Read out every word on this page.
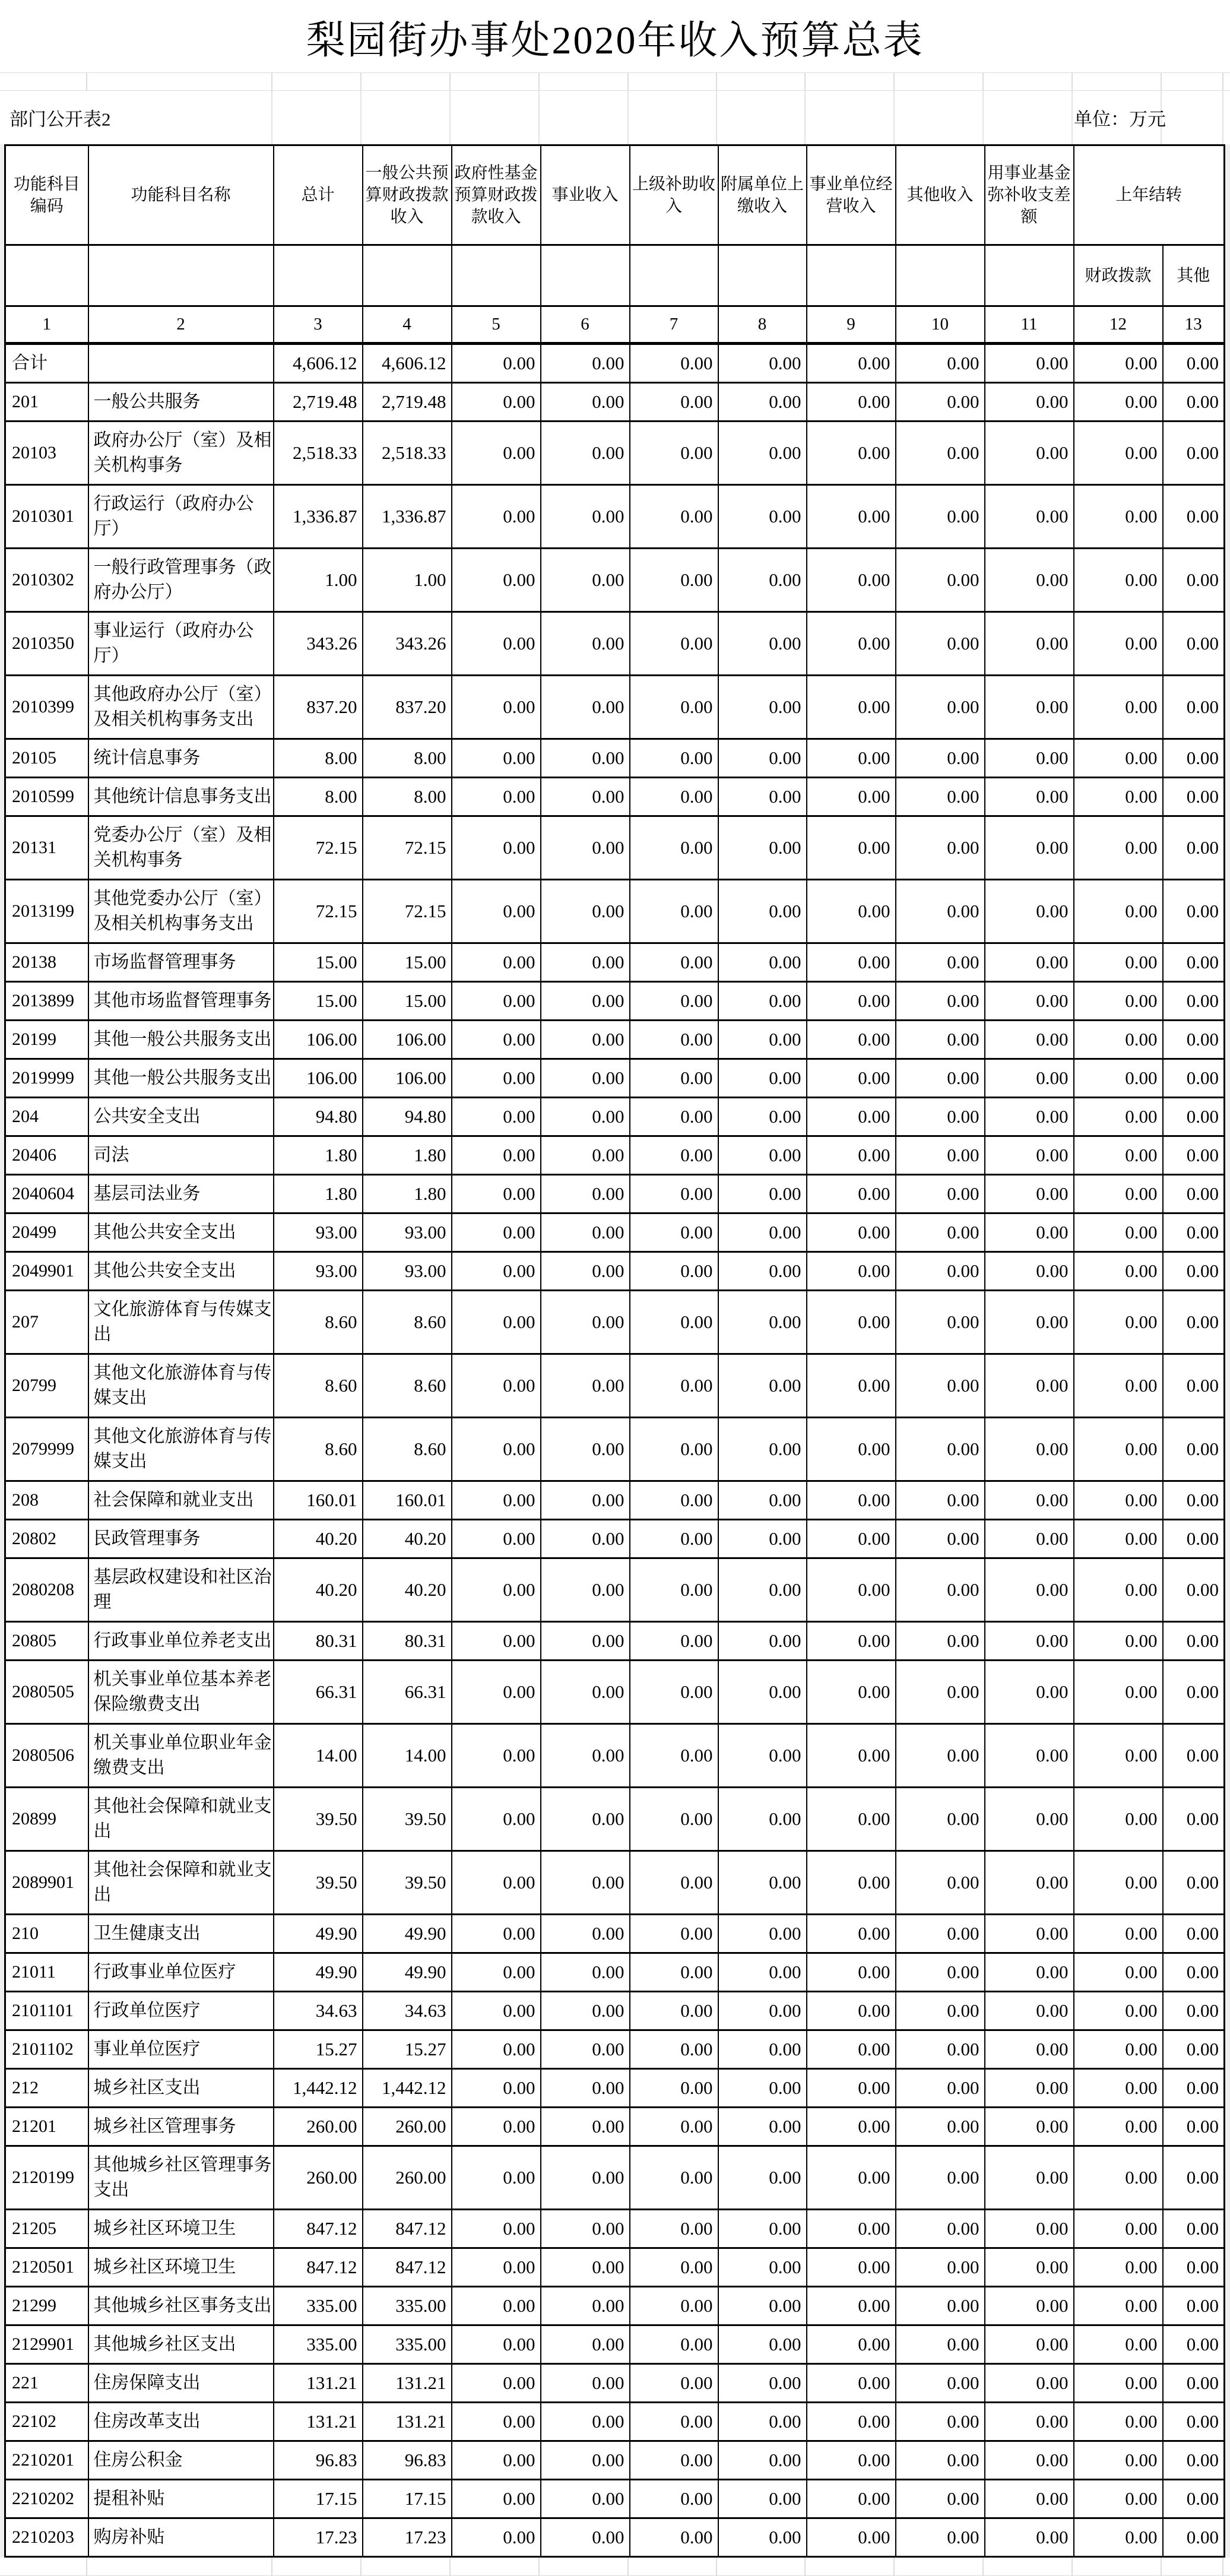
梨园街办事处2020年收入预算总表
部门公开表2	单位：万元
功能科目编码	功能科目名称	总计	一般公共预算财政拨款收入	政府性基金预算财政拨款收入	事业收入	上级补助收入	附属单位上缴收入	事业单位经营收入	其他收入	用事业基金弥补收支差额	上年结转	
											财政拨款	其他
1	2	3	4	5	6	7	8	9	10	11	12	13
合计		4,606.12	4,606.12	0.00	0.00	0.00	0.00	0.00	0.00	0.00	0.00	0.00
201	一般公共服务	2,719.48	2,719.48	0.00	0.00	0.00	0.00	0.00	0.00	0.00	0.00	0.00
20103	政府办公厅（室）及相关机构事务	2,518.33	2,518.33	0.00	0.00	0.00	0.00	0.00	0.00	0.00	0.00	0.00
2010301	行政运行（政府办公厅）	1,336.87	1,336.87	0.00	0.00	0.00	0.00	0.00	0.00	0.00	0.00	0.00
2010302	一般行政管理事务（政府办公厅）	1.00	1.00	0.00	0.00	0.00	0.00	0.00	0.00	0.00	0.00	0.00
2010350	事业运行（政府办公厅）	343.26	343.26	0.00	0.00	0.00	0.00	0.00	0.00	0.00	0.00	0.00
2010399	其他政府办公厅（室）及相关机构事务支出	837.20	837.20	0.00	0.00	0.00	0.00	0.00	0.00	0.00	0.00	0.00
20105	统计信息事务	8.00	8.00	0.00	0.00	0.00	0.00	0.00	0.00	0.00	0.00	0.00
2010599	其他统计信息事务支出	8.00	8.00	0.00	0.00	0.00	0.00	0.00	0.00	0.00	0.00	0.00
20131	党委办公厅（室）及相关机构事务	72.15	72.15	0.00	0.00	0.00	0.00	0.00	0.00	0.00	0.00	0.00
2013199	其他党委办公厅（室）及相关机构事务支出	72.15	72.15	0.00	0.00	0.00	0.00	0.00	0.00	0.00	0.00	0.00
20138	市场监督管理事务	15.00	15.00	0.00	0.00	0.00	0.00	0.00	0.00	0.00	0.00	0.00
2013899	其他市场监督管理事务	15.00	15.00	0.00	0.00	0.00	0.00	0.00	0.00	0.00	0.00	0.00
20199	其他一般公共服务支出	106.00	106.00	0.00	0.00	0.00	0.00	0.00	0.00	0.00	0.00	0.00
2019999	其他一般公共服务支出	106.00	106.00	0.00	0.00	0.00	0.00	0.00	0.00	0.00	0.00	0.00
204	公共安全支出	94.80	94.80	0.00	0.00	0.00	0.00	0.00	0.00	0.00	0.00	0.00
20406	司法	1.80	1.80	0.00	0.00	0.00	0.00	0.00	0.00	0.00	0.00	0.00
2040604	基层司法业务	1.80	1.80	0.00	0.00	0.00	0.00	0.00	0.00	0.00	0.00	0.00
20499	其他公共安全支出	93.00	93.00	0.00	0.00	0.00	0.00	0.00	0.00	0.00	0.00	0.00
2049901	其他公共安全支出	93.00	93.00	0.00	0.00	0.00	0.00	0.00	0.00	0.00	0.00	0.00
207	文化旅游体育与传媒支出	8.60	8.60	0.00	0.00	0.00	0.00	0.00	0.00	0.00	0.00	0.00
20799	其他文化旅游体育与传媒支出	8.60	8.60	0.00	0.00	0.00	0.00	0.00	0.00	0.00	0.00	0.00
2079999	其他文化旅游体育与传媒支出	8.60	8.60	0.00	0.00	0.00	0.00	0.00	0.00	0.00	0.00	0.00
208	社会保障和就业支出	160.01	160.01	0.00	0.00	0.00	0.00	0.00	0.00	0.00	0.00	0.00
20802	民政管理事务	40.20	40.20	0.00	0.00	0.00	0.00	0.00	0.00	0.00	0.00	0.00
2080208	基层政权建设和社区治理	40.20	40.20	0.00	0.00	0.00	0.00	0.00	0.00	0.00	0.00	0.00
20805	行政事业单位养老支出	80.31	80.31	0.00	0.00	0.00	0.00	0.00	0.00	0.00	0.00	0.00
2080505	机关事业单位基本养老保险缴费支出	66.31	66.31	0.00	0.00	0.00	0.00	0.00	0.00	0.00	0.00	0.00
2080506	机关事业单位职业年金缴费支出	14.00	14.00	0.00	0.00	0.00	0.00	0.00	0.00	0.00	0.00	0.00
20899	其他社会保障和就业支出	39.50	39.50	0.00	0.00	0.00	0.00	0.00	0.00	0.00	0.00	0.00
2089901	其他社会保障和就业支出	39.50	39.50	0.00	0.00	0.00	0.00	0.00	0.00	0.00	0.00	0.00
210	卫生健康支出	49.90	49.90	0.00	0.00	0.00	0.00	0.00	0.00	0.00	0.00	0.00
21011	行政事业单位医疗	49.90	49.90	0.00	0.00	0.00	0.00	0.00	0.00	0.00	0.00	0.00
2101101	行政单位医疗	34.63	34.63	0.00	0.00	0.00	0.00	0.00	0.00	0.00	0.00	0.00
2101102	事业单位医疗	15.27	15.27	0.00	0.00	0.00	0.00	0.00	0.00	0.00	0.00	0.00
212	城乡社区支出	1,442.12	1,442.12	0.00	0.00	0.00	0.00	0.00	0.00	0.00	0.00	0.00
21201	城乡社区管理事务	260.00	260.00	0.00	0.00	0.00	0.00	0.00	0.00	0.00	0.00	0.00
2120199	其他城乡社区管理事务支出	260.00	260.00	0.00	0.00	0.00	0.00	0.00	0.00	0.00	0.00	0.00
21205	城乡社区环境卫生	847.12	847.12	0.00	0.00	0.00	0.00	0.00	0.00	0.00	0.00	0.00
2120501	城乡社区环境卫生	847.12	847.12	0.00	0.00	0.00	0.00	0.00	0.00	0.00	0.00	0.00
21299	其他城乡社区事务支出	335.00	335.00	0.00	0.00	0.00	0.00	0.00	0.00	0.00	0.00	0.00
2129901	其他城乡社区支出	335.00	335.00	0.00	0.00	0.00	0.00	0.00	0.00	0.00	0.00	0.00
221	住房保障支出	131.21	131.21	0.00	0.00	0.00	0.00	0.00	0.00	0.00	0.00	0.00
22102	住房改革支出	131.21	131.21	0.00	0.00	0.00	0.00	0.00	0.00	0.00	0.00	0.00
2210201	住房公积金	96.83	96.83	0.00	0.00	0.00	0.00	0.00	0.00	0.00	0.00	0.00
2210202	提租补贴	17.15	17.15	0.00	0.00	0.00	0.00	0.00	0.00	0.00	0.00	0.00
2210203	购房补贴	17.23	17.23	0.00	0.00	0.00	0.00	0.00	0.00	0.00	0.00	0.00
